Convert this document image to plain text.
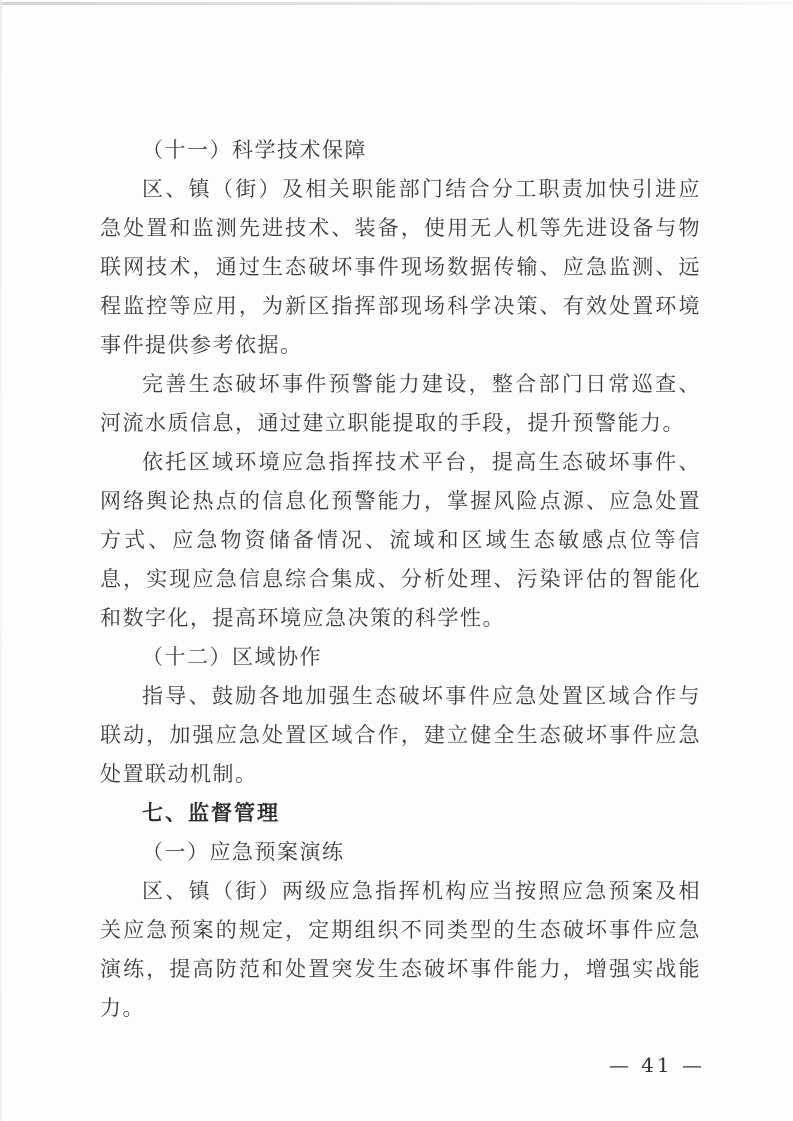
（十一）科学技术保障

区、镇（街）及相关职能部门结合分工职责加快引进应急处置和监测先进技术、装备，使用无人机等先进设备与物联网技术，通过生态破坏事件现场数据传输、应急监测、远程监控等应用，为新区指挥部现场科学决策、有效处置环境事件提供参考依据。

完善生态破坏事件预警能力建设，整合部门日常巡查、河流水质信息，通过建立职能提取的手段，提升预警能力。

依托区域环境应急指挥技术平台，提高生态破坏事件、网络舆论热点的信息化预警能力，掌握风险点源、应急处置方式、应急物资储备情况、流域和区域生态敏感点位等信息，实现应急信息综合集成、分析处理、污染评估的智能化和数字化，提高环境应急决策的科学性。

（十二）区域协作

指导、鼓励各地加强生态破坏事件应急处置区域合作与联动，加强应急处置区域合作，建立健全生态破坏事件应急处置联动机制。

七、监督管理

（一）应急预案演练

区、镇（街）两级应急指挥机构应当按照应急预案及相关应急预案的规定，定期组织不同类型的生态破坏事件应急演练，提高防范和处置突发生态破坏事件能力，增强实战能力。

— 41 —
